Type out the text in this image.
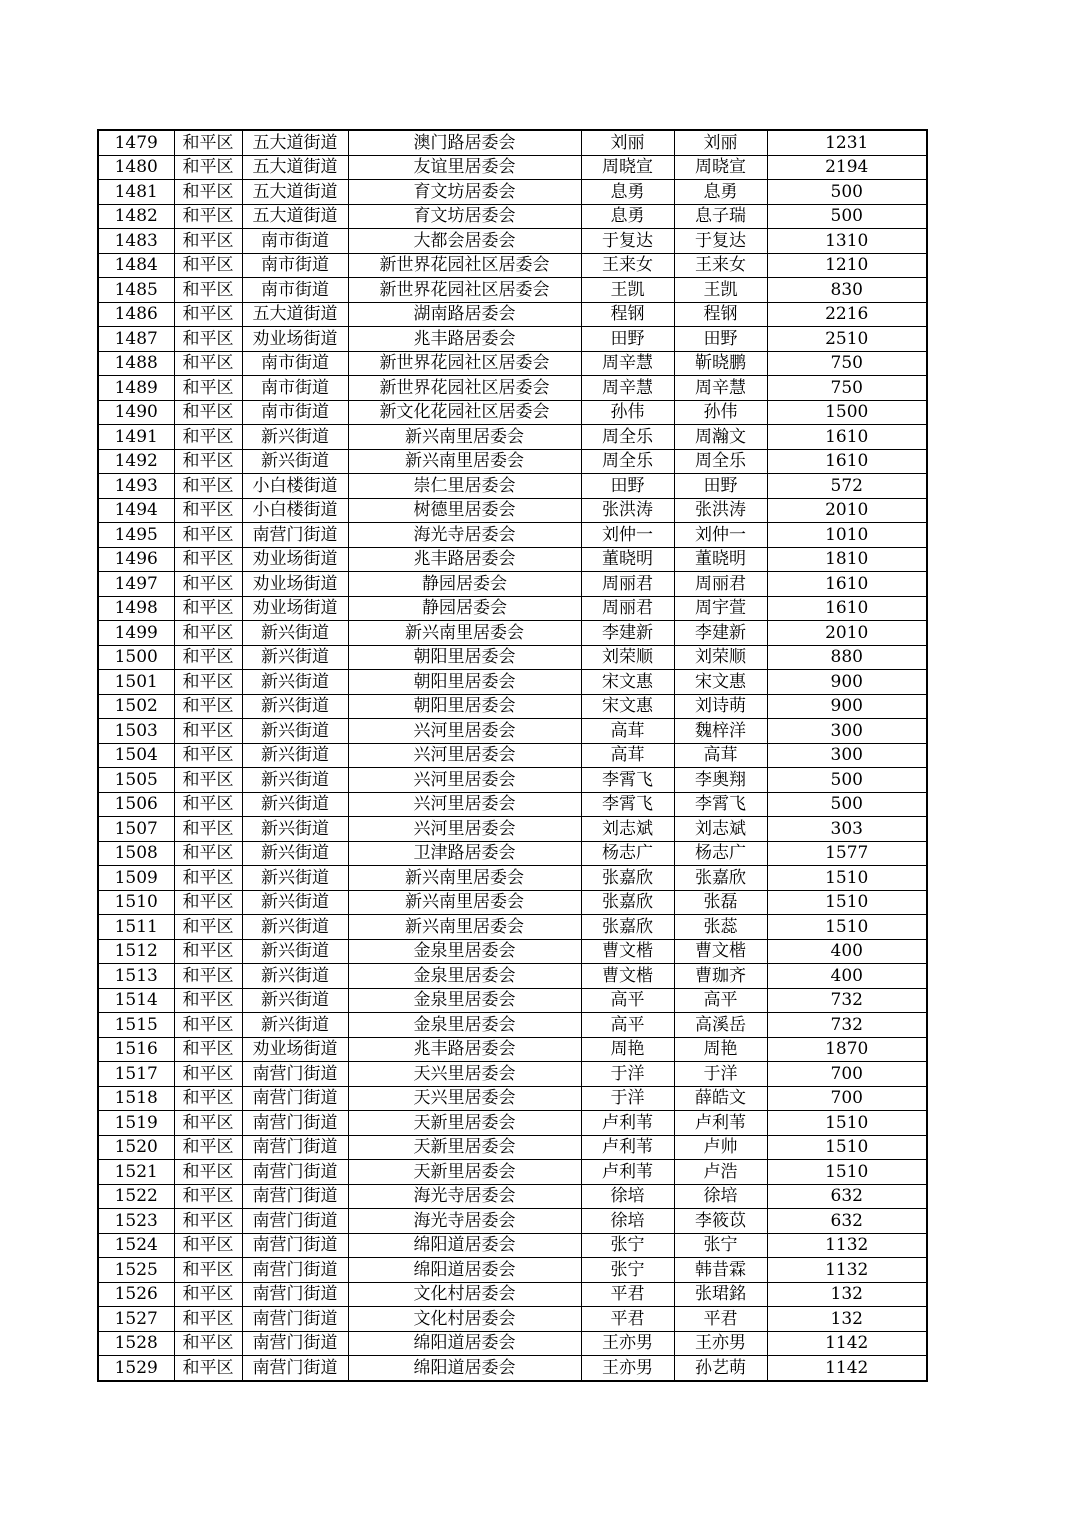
1479	和平区	五大道街道	澳门路居委会	刘丽	刘丽	1231
1480	和平区	五大道街道	友谊里居委会	周晓宣	周晓宣	2194
1481	和平区	五大道街道	育文坊居委会	息勇	息勇	500
1482	和平区	五大道街道	育文坊居委会	息勇	息子瑞	500
1483	和平区	南市街道	大都会居委会	于复达	于复达	1310
1484	和平区	南市街道	新世界花园社区居委会	王来女	王来女	1210
1485	和平区	南市街道	新世界花园社区居委会	王凯	王凯	830
1486	和平区	五大道街道	湖南路居委会	程钢	程钢	2216
1487	和平区	劝业场街道	兆丰路居委会	田野	田野	2510
1488	和平区	南市街道	新世界花园社区居委会	周辛慧	靳晓鹏	750
1489	和平区	南市街道	新世界花园社区居委会	周辛慧	周辛慧	750
1490	和平区	南市街道	新文化花园社区居委会	孙伟	孙伟	1500
1491	和平区	新兴街道	新兴南里居委会	周全乐	周瀚文	1610
1492	和平区	新兴街道	新兴南里居委会	周全乐	周全乐	1610
1493	和平区	小白楼街道	崇仁里居委会	田野	田野	572
1494	和平区	小白楼街道	树德里居委会	张洪涛	张洪涛	2010
1495	和平区	南营门街道	海光寺居委会	刘仲一	刘仲一	1010
1496	和平区	劝业场街道	兆丰路居委会	董晓明	董晓明	1810
1497	和平区	劝业场街道	静园居委会	周丽君	周丽君	1610
1498	和平区	劝业场街道	静园居委会	周丽君	周宇萱	1610
1499	和平区	新兴街道	新兴南里居委会	李建新	李建新	2010
1500	和平区	新兴街道	朝阳里居委会	刘荣顺	刘荣顺	880
1501	和平区	新兴街道	朝阳里居委会	宋文惠	宋文惠	900
1502	和平区	新兴街道	朝阳里居委会	宋文惠	刘诗萌	900
1503	和平区	新兴街道	兴河里居委会	高茸	魏梓洋	300
1504	和平区	新兴街道	兴河里居委会	高茸	高茸	300
1505	和平区	新兴街道	兴河里居委会	李霄飞	李奥翔	500
1506	和平区	新兴街道	兴河里居委会	李霄飞	李霄飞	500
1507	和平区	新兴街道	兴河里居委会	刘志斌	刘志斌	303
1508	和平区	新兴街道	卫津路居委会	杨志广	杨志广	1577
1509	和平区	新兴街道	新兴南里居委会	张嘉欣	张嘉欣	1510
1510	和平区	新兴街道	新兴南里居委会	张嘉欣	张磊	1510
1511	和平区	新兴街道	新兴南里居委会	张嘉欣	张蕊	1510
1512	和平区	新兴街道	金泉里居委会	曹文楷	曹文楷	400
1513	和平区	新兴街道	金泉里居委会	曹文楷	曹珈齐	400
1514	和平区	新兴街道	金泉里居委会	高平	高平	732
1515	和平区	新兴街道	金泉里居委会	高平	高溪岳	732
1516	和平区	劝业场街道	兆丰路居委会	周艳	周艳	1870
1517	和平区	南营门街道	天兴里居委会	于洋	于洋	700
1518	和平区	南营门街道	天兴里居委会	于洋	薛皓文	700
1519	和平区	南营门街道	天新里居委会	卢利苇	卢利苇	1510
1520	和平区	南营门街道	天新里居委会	卢利苇	卢帅	1510
1521	和平区	南营门街道	天新里居委会	卢利苇	卢浩	1510
1522	和平区	南营门街道	海光寺居委会	徐培	徐培	632
1523	和平区	南营门街道	海光寺居委会	徐培	李筱苡	632
1524	和平区	南营门街道	绵阳道居委会	张宁	张宁	1132
1525	和平区	南营门街道	绵阳道居委会	张宁	韩昔霖	1132
1526	和平区	南营门街道	文化村居委会	平君	张珺銘	132
1527	和平区	南营门街道	文化村居委会	平君	平君	132
1528	和平区	南营门街道	绵阳道居委会	王亦男	王亦男	1142
1529	和平区	南营门街道	绵阳道居委会	王亦男	孙艺萌	1142
